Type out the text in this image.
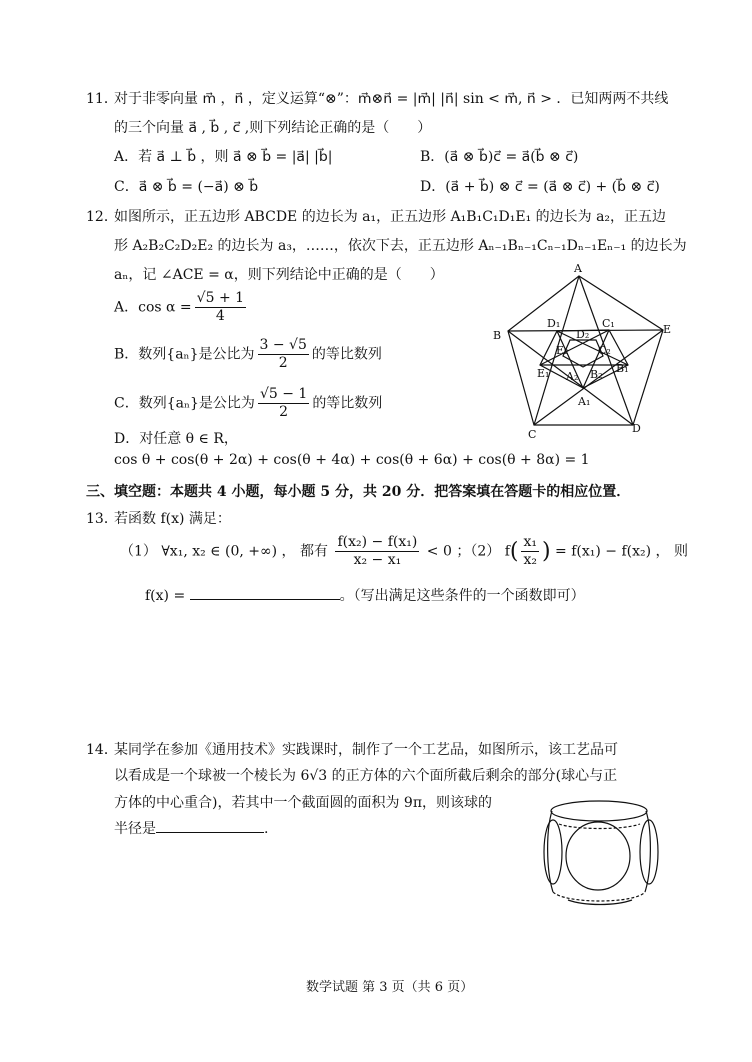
11．
对于非零向量 m⃗ ，n⃗ ，定义运算“⊗”：m⃗⊗n⃗ = |m⃗| |n⃗| sin < m⃗, n⃗ > ．已知两两不共线
的三个向量 a⃗ , b⃗ , c⃗ ,则下列结论正确的是（　　）
A．若 a⃗ ⊥ b⃗ ，则 a⃗ ⊗ b⃗ = |a⃗| |b⃗|	B．(a⃗ ⊗ b⃗)c⃗ = a⃗(b⃗ ⊗ c⃗)
C．a⃗ ⊗ b⃗ = (−a⃗) ⊗ b⃗	D．(a⃗ + b⃗) ⊗ c⃗ = (a⃗ ⊗ c⃗) + (b⃗ ⊗ c⃗)
12．
如图所示，正五边形 ABCDE 的边长为 a₁，正五边形 A₁B₁C₁D₁E₁ 的边长为 a₂，正五边
形 A₂B₂C₂D₂E₂ 的边长为 a₃，……，依次下去，正五边形 Aₙ₋₁Bₙ₋₁Cₙ₋₁Dₙ₋₁Eₙ₋₁ 的边长为
aₙ，记 ∠ACE = α，则下列结论中正确的是（　　）
A．$\cos \alpha = \frac{√5 + 1}{4}$
B．数列{aₙ}是公比为 $\frac{3 - √5}{2}$ 的等比数列
C．数列{aₙ}是公比为 $\frac{√5 - 1}{2}$ 的等比数列
D．对任意 θ ∈ R，
cos θ + cos(θ + 2α) + cos(θ + 4α) + cos(θ + 6α) + cos(θ + 8α) = 1
A
B
C	D
E
A₁
B₁
C₁
D₁
E₁ A₂ B₂
C₂
D₂
E₂
三、填空题：本题共 4 小题，每小题 5 分，共 20 分．把答案填在答题卡的相应位置．
13．
若函数 f(x) 满足：
（1） ∀x₁, x₂ ∈ (0, +∞) ， 都有 $\frac{\text{f(x₂) − f(x₁)}}{\text{x₂ − x₁}} < 0$ ；（2） $f( \frac{\text{x₁}}{\text{x₂}}$ ) = f(x₁) − f(x₂) ， 则
f(x) =	。（写出满足这些条件的一个函数即可）
14．
某同学在参加《通用技术》实践课时，制作了一个工艺品，如图所示，该工艺品可
以看成是一个球被一个棱长为 6√3 的正方体的六个面所截后剩余的部分(球心与正
方体的中心重合)，若其中一个截面圆的面积为 9π，则该球的
半径是	.
数学试题 第 3 页（共 6 页）
